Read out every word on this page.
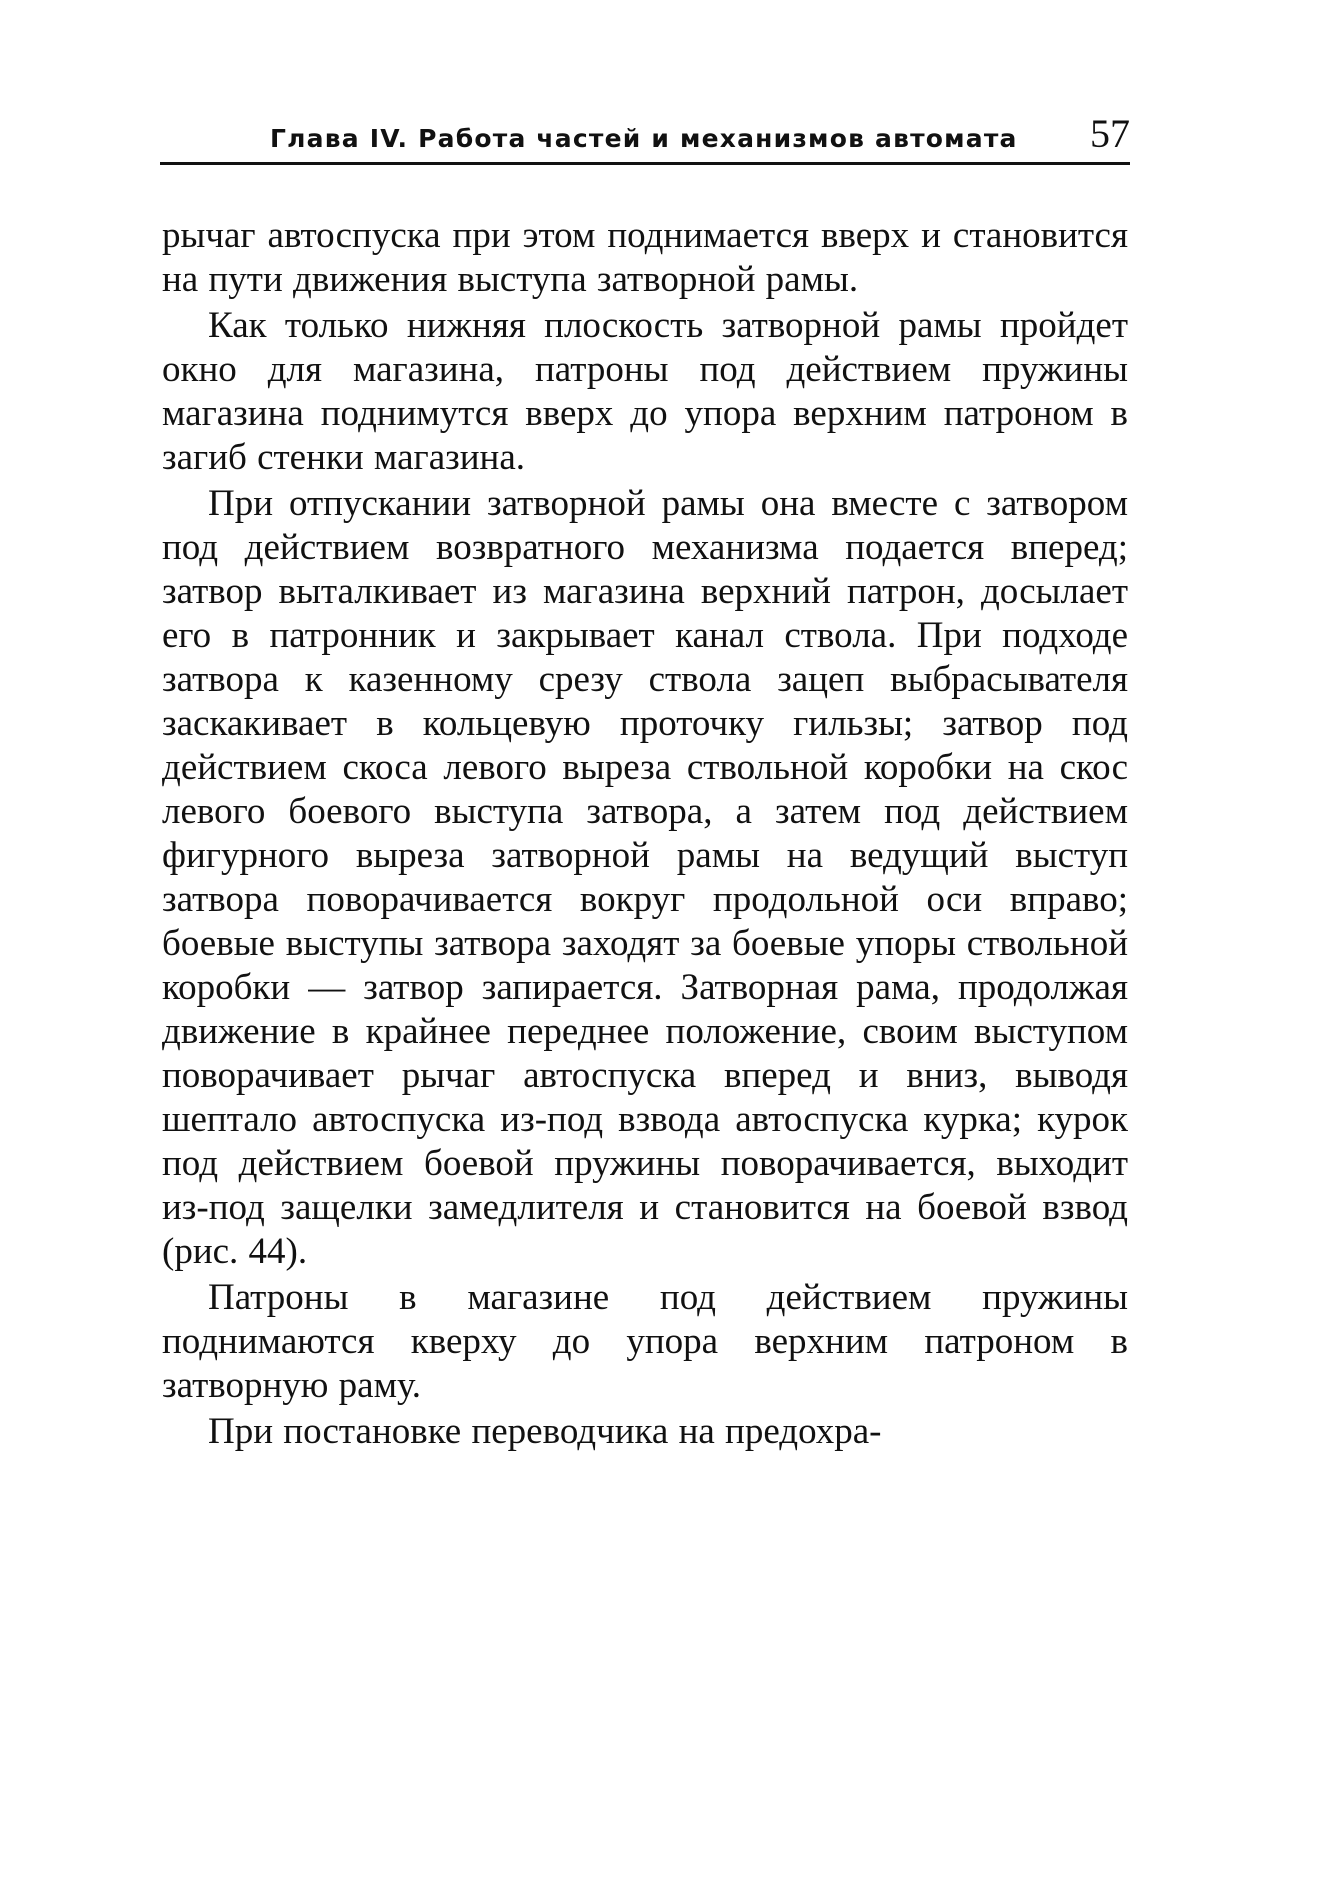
Глава IV. Работа частей и механизмов автомата 57

рычаг автоспуска при этом поднимается вверх и становится на пути движения выступа затворной рамы.

Как только нижняя плоскость затворной рамы пройдет окно для магазина, патроны под действием пружины магазина поднимутся вверх до упора верхним патроном в загиб стенки магазина.

При отпускании затворной рамы она вместе с затвором под действием возвратного механизма подается вперед; затвор выталкивает из магазина верхний патрон, досылает его в патронник и закрывает канал ствола. При подходе затвора к казенному срезу ствола зацеп выбрасывателя заскакивает в кольцевую проточку гильзы; затвор под действием скоса левого выреза ствольной коробки на скос левого боевого выступа затвора, а затем под действием фигурного выреза затворной рамы на ведущий выступ затвора поворачивается вокруг продольной оси вправо; боевые выступы затвора заходят за боевые упоры ствольной коробки — затвор запирается. Затворная рама, продолжая движение в крайнее переднее положение, своим выступом поворачивает рычаг автоспуска вперед и вниз, выводя шептало автоспуска из-под взвода автоспуска курка; курок под действием боевой пружины поворачивается, выходит из-под защелки замедлителя и становится на боевой взвод (рис. 44).

Патроны в магазине под действием пружины поднимаются кверху до упора верхним патроном в затворную раму.

При постановке переводчика на предохра-
